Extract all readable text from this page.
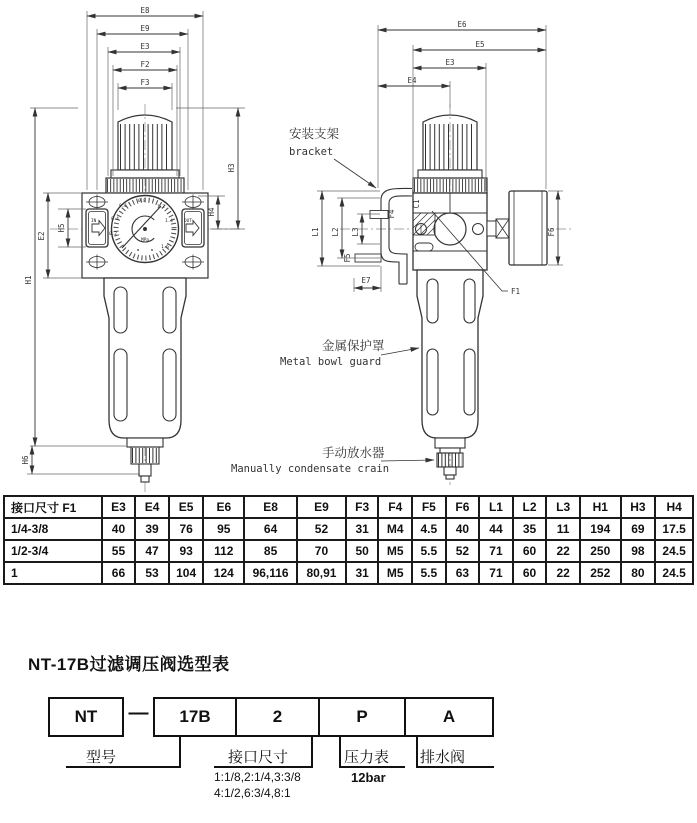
IN	OUT
0.6
0.8
1.2
0.4
0.2
1.4
1.6
MPa
E8
E9
E3
F2
F3
H1
H6
E2
H5
H3
H4
C1
E6
E5
E3
E4
F6
L1 L2 L3
F4
F5
E7
F1
安装支架
bracket
金属保护罩
Metal bowl guard
手动放水器
Manually condensate crain
接口尺寸 F1	E3	E4	E5	E6	E8	E9	F3	F4	F5	F6	L1	L2	L3	H1	H3	H4
1/4-3/8	40	39	76	95	64	52	31	M4	4.5	40	44	35	11	194	69	17.5
1/2-3/4	55	47	93	112	85	70	50	M5	5.5	52	71	60	22	250	98	24.5
1	66	53	104	124	96,116	80,91	31	M5	5.5	63	71	60	22	252	80	24.5
NT-17B过滤调压阀选型表
NT	—	17B	2	P	A
型号	接口尺寸
1:1/8,2:1/4,3:3/8
4:1/2,6:3/4,8:1
压力表
12bar
排水阀
